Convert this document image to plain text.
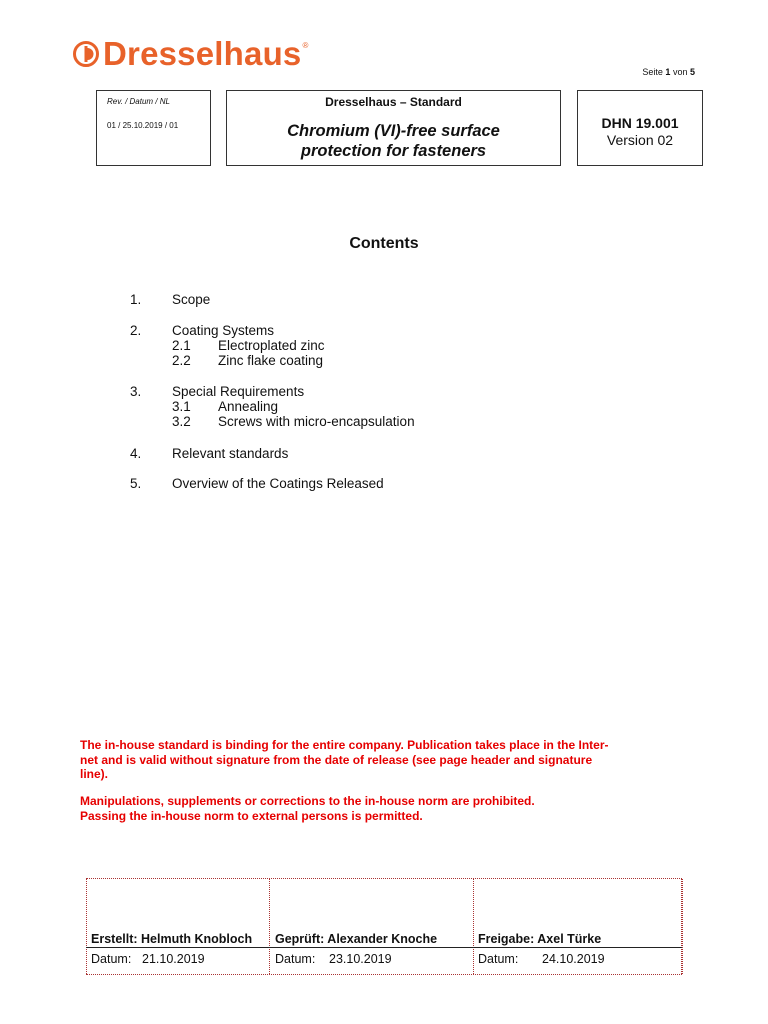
Dresselhaus ®
Seite 1 von 5
Rev. / Datum / NL
01 / 25.10.2019 / 01
Dresselhaus – Standard
Chromium (VI)-free surface
protection for fasteners
DHN 19.001
Version 02
Contents
1. Scope
2. Coating Systems
2.1 Electroplated zinc
2.2 Zinc flake coating
3. Special Requirements
3.1 Annealing
3.2 Screws with micro-encapsulation
4. Relevant standards
5. Overview of the Coatings Released
The in-house standard is binding for the entire company. Publication takes place in the Inter-
net and is valid without signature from the date of release (see page header and signature
line).
Manipulations, supplements or corrections to the in-house norm are prohibited.
Passing the in-house norm to external persons is permitted.
Erstellt: Helmuth Knobloch
Datum: 21.10.2019
Geprüft: Alexander Knoche
Datum: 23.10.2019
Freigabe: Axel Türke
Datum: 24.10.2019
